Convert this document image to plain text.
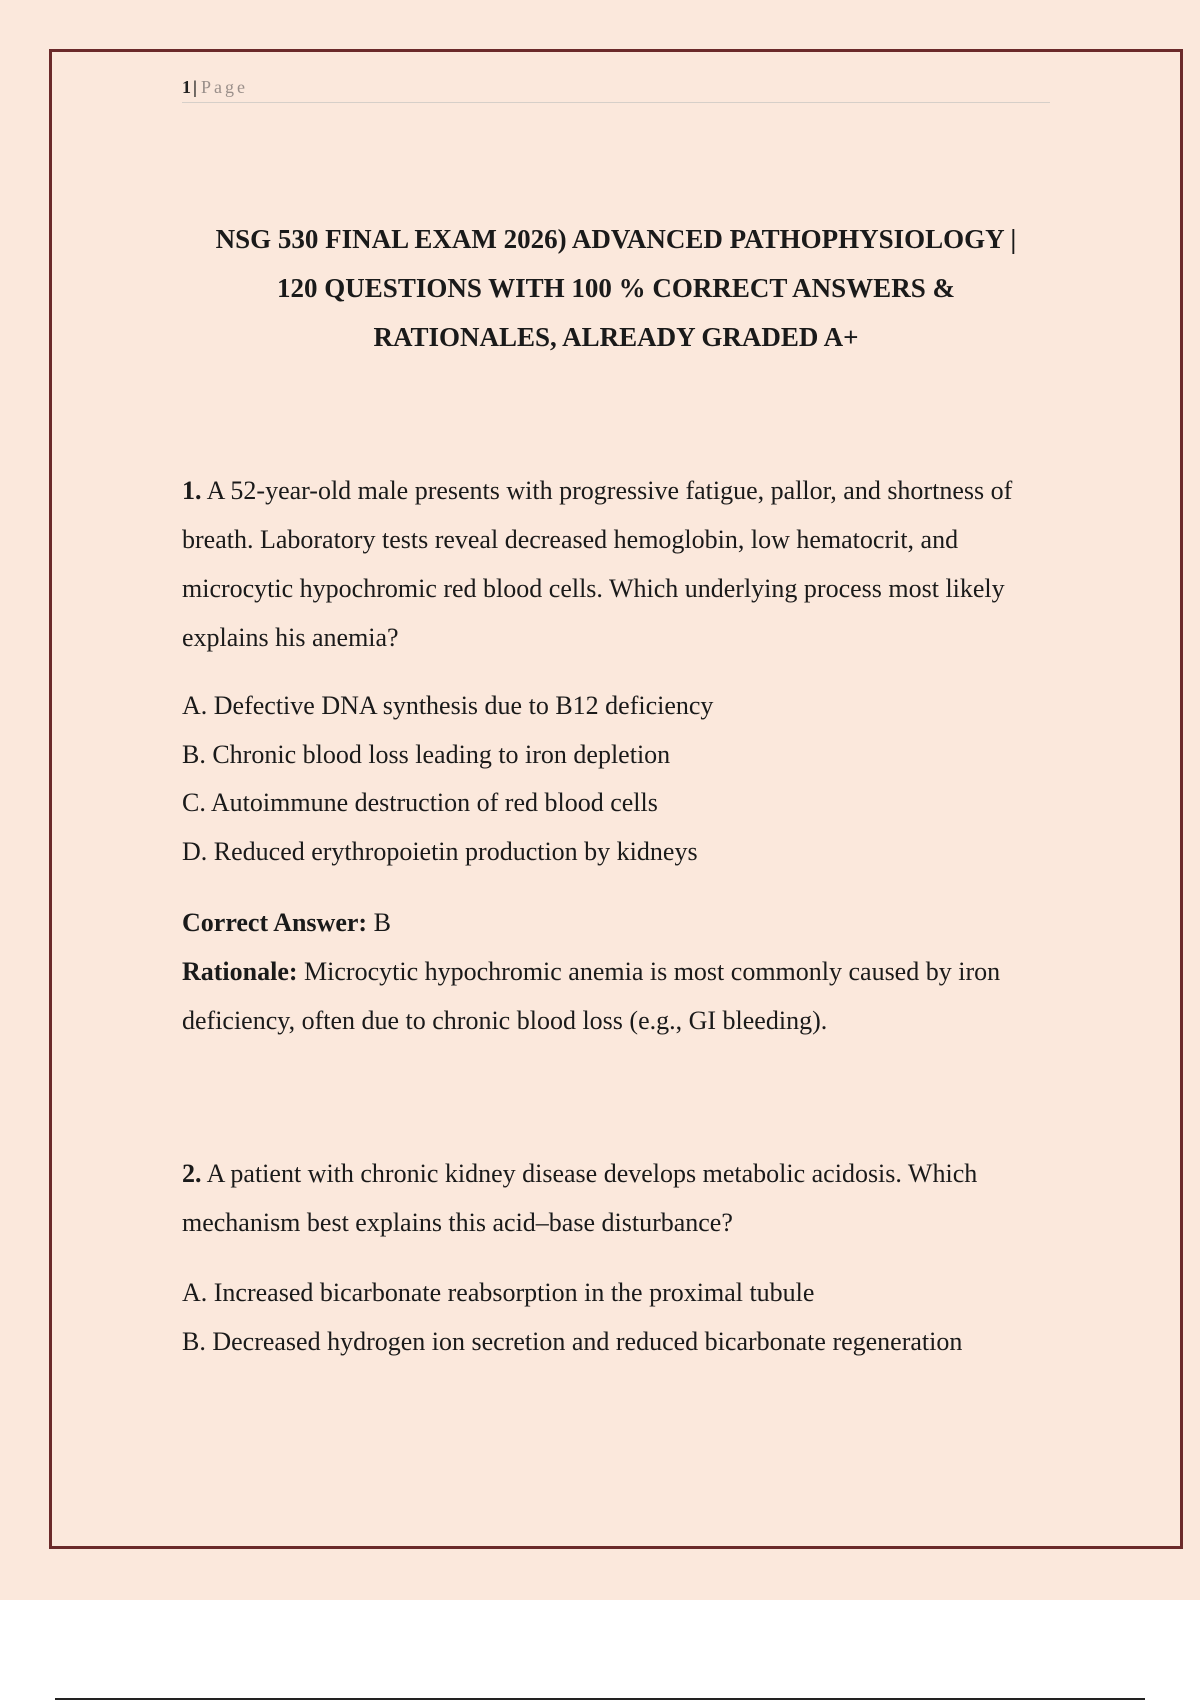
1 | Page
NSG 530 FINAL EXAM 2026) ADVANCED PATHOPHYSIOLOGY |
120 QUESTIONS WITH 100 % CORRECT ANSWERS &
RATIONALES, ALREADY GRADED A+

1. A 52-year-old male presents with progressive fatigue, pallor, and shortness of breath. Laboratory tests reveal decreased hemoglobin, low hematocrit, and microcytic hypochromic red blood cells. Which underlying process most likely explains his anemia?

A. Defective DNA synthesis due to B12 deficiency
B. Chronic blood loss leading to iron depletion
C. Autoimmune destruction of red blood cells
D. Reduced erythropoietin production by kidneys
Correct Answer: B
Rationale: Microcytic hypochromic anemia is most commonly caused by iron deficiency, often due to chronic blood loss (e.g., GI bleeding).

2. A patient with chronic kidney disease develops metabolic acidosis. Which mechanism best explains this acid–base disturbance?

A. Increased bicarbonate reabsorption in the proximal tubule
B. Decreased hydrogen ion secretion and reduced bicarbonate regeneration
